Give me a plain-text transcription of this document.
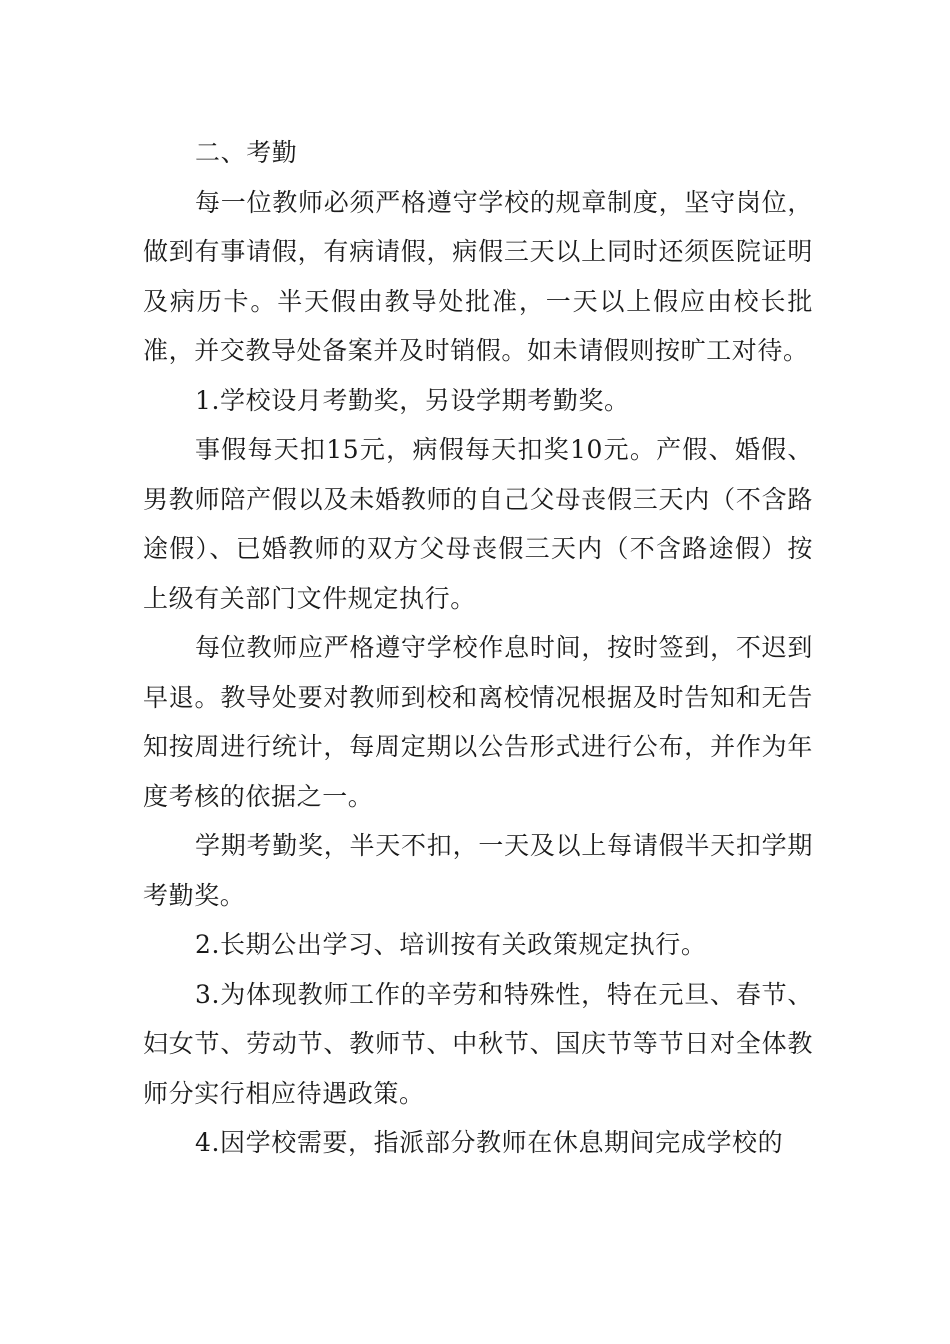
二、考勤

每一位教师必须严格遵守学校的规章制度，坚守岗位，做到有事请假，有病请假，病假三天以上同时还须医院证明及病历卡。半天假由教导处批准，一天以上假应由校长批准，并交教导处备案并及时销假。如未请假则按旷工对待。

1.学校设月考勤奖，另设学期考勤奖。

事假每天扣15元，病假每天扣奖10元。产假、婚假、男教师陪产假以及未婚教师的自己父母丧假三天内（不含路途假）、已婚教师的双方父母丧假三天内（不含路途假）按上级有关部门文件规定执行。

每位教师应严格遵守学校作息时间，按时签到，不迟到早退。教导处要对教师到校和离校情况根据及时告知和无告知按周进行统计，每周定期以公告形式进行公布，并作为年度考核的依据之一。

学期考勤奖，半天不扣，一天及以上每请假半天扣学期考勤奖。

2.长期公出学习、培训按有关政策规定执行。

3.为体现教师工作的辛劳和特殊性，特在元旦、春节、妇女节、劳动节、教师节、中秋节、国庆节等节日对全体教师分实行相应待遇政策。

4.因学校需要，指派部分教师在休息期间完成学校的
